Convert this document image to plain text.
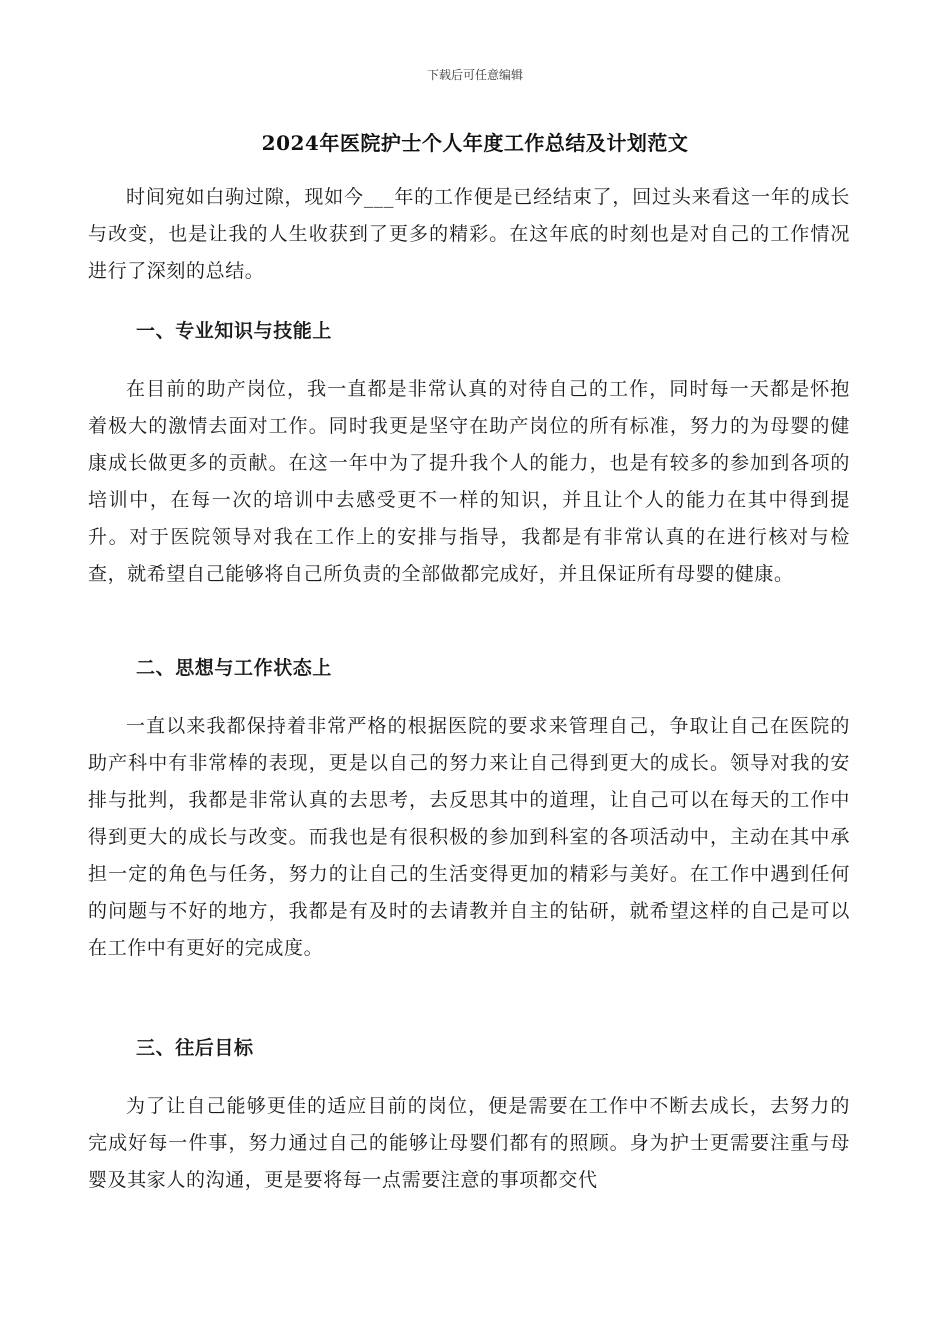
下载后可任意编辑
2024年医院护士个人年度工作总结及计划范文

时间宛如白驹过隙，现如今___年的工作便是已经结束了，回过头来看这一年的成长与改变，也是让我的人生收获到了更多的精彩。在这年底的时刻也是对自己的工作情况进行了深刻的总结。

一、专业知识与技能上

在目前的助产岗位，我一直都是非常认真的对待自己的工作，同时每一天都是怀抱着极大的激情去面对工作。同时我更是坚守在助产岗位的所有标准，努力的为母婴的健康成长做更多的贡献。在这一年中为了提升我个人的能力，也是有较多的参加到各项的培训中，在每一次的培训中去感受更不一样的知识，并且让个人的能力在其中得到提升。对于医院领导对我在工作上的安排与指导，我都是有非常认真的在进行核对与检查，就希望自己能够将自己所负责的全部做都完成好，并且保证所有母婴的健康。

二、思想与工作状态上

一直以来我都保持着非常严格的根据医院的要求来管理自己，争取让自己在医院的助产科中有非常棒的表现，更是以自己的努力来让自己得到更大的成长。领导对我的安排与批判，我都是非常认真的去思考，去反思其中的道理，让自己可以在每天的工作中得到更大的成长与改变。而我也是有很积极的参加到科室的各项活动中，主动在其中承担一定的角色与任务，努力的让自己的生活变得更加的精彩与美好。在工作中遇到任何的问题与不好的地方，我都是有及时的去请教并自主的钻研，就希望这样的自己是可以在工作中有更好的完成度。

三、往后目标

为了让自己能够更佳的适应目前的岗位，便是需要在工作中不断去成长，去努力的完成好每一件事，努力通过自己的能够让母婴们都有的照顾。身为护士更需要注重与母婴及其家人的沟通，更是要将每一点需要注意的事项都交代
